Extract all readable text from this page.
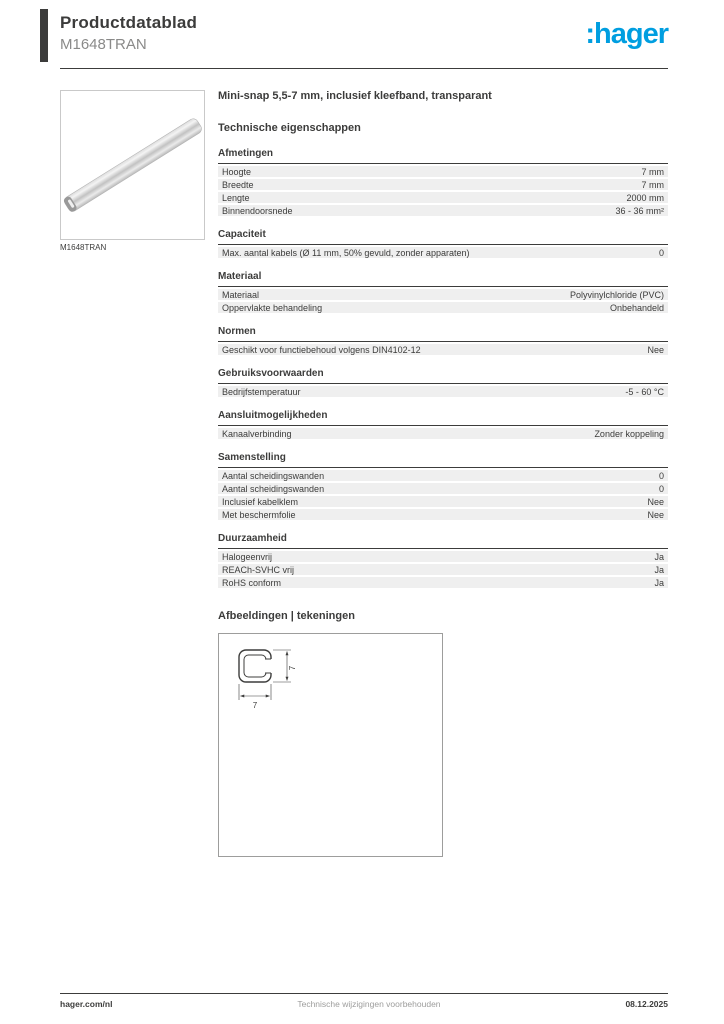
Productdatablad
M1648TRAN	:hager
M1648TRAN
Mini-snap 5,5-7 mm, inclusief kleefband, transparant
Technische eigenschappen
Afmetingen
Hoogte	7 mm
Breedte	7 mm
Lengte	2000 mm
Binnendoorsnede	36 - 36 mm²
Capaciteit
Max. aantal kabels (Ø 11 mm, 50% gevuld, zonder apparaten)	0
Materiaal
Materiaal	Polyvinylchloride (PVC)
Oppervlakte behandeling	Onbehandeld
Normen
Geschikt voor functiebehoud volgens DIN4102-12	Nee
Gebruiksvoorwaarden
Bedrijfstemperatuur	-5 - 60 °C
Aansluitmogelijkheden
Kanaalverbinding	Zonder koppeling
Samenstelling
Aantal scheidingswanden	0
Aantal scheidingswanden	0
Inclusief kabelklem	Nee
Met beschermfolie	Nee
Duurzaamheid
Halogeenvrij	Ja
REACh-SVHC vrij	Ja
RoHS conform	Ja
Afbeeldingen | tekeningen
7
7
hager.com/nl	Technische wijzigingen voorbehouden	08.12.2025
